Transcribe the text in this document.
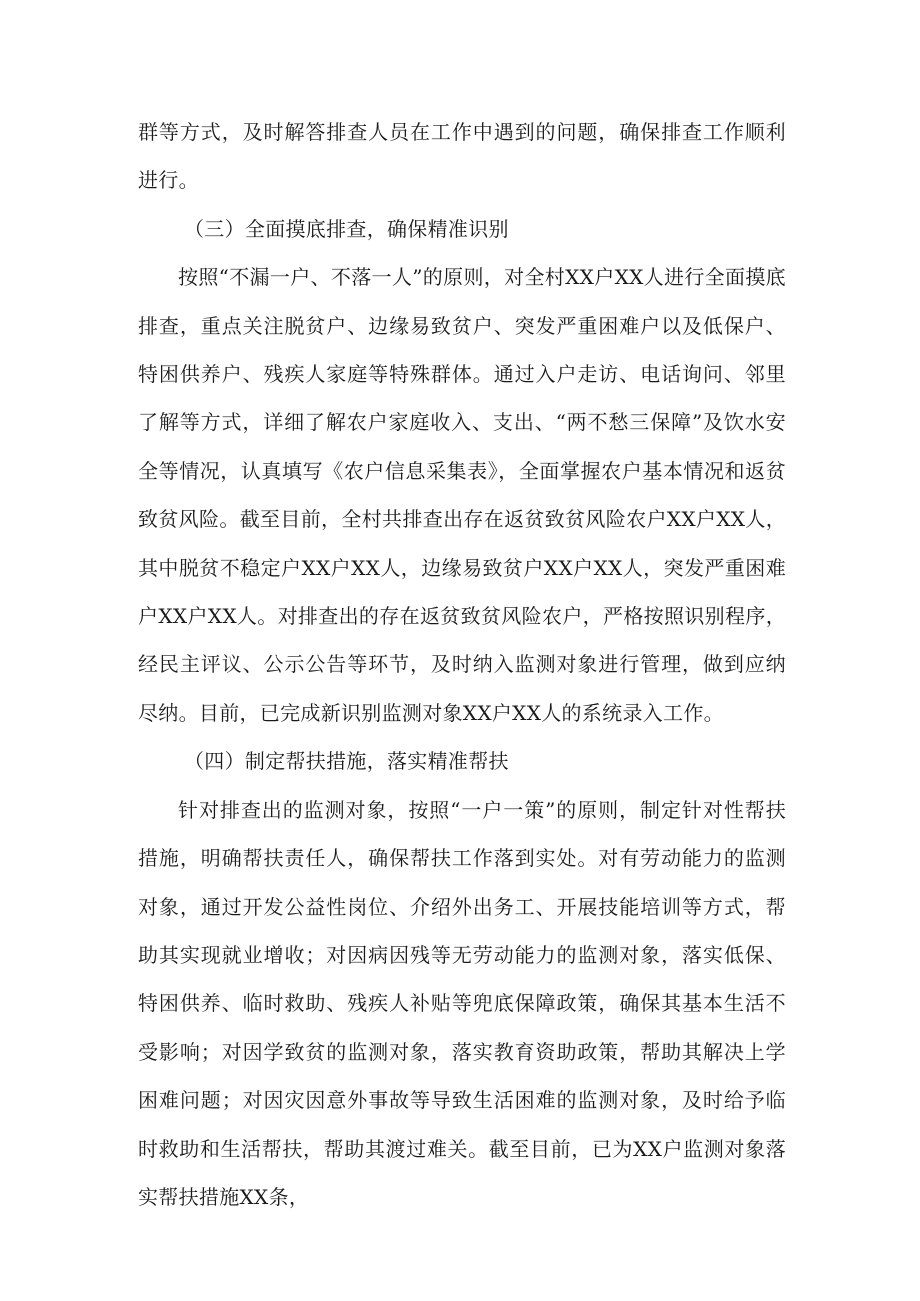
群等方式，及时解答排查人员在工作中遇到的问题，确保排查工作顺利进行。

（三）全面摸底排查，确保精准识别

按照“不漏一户、不落一人”的原则，对全村XX户XX人进行全面摸底排查，重点关注脱贫户、边缘易致贫户、突发严重困难户以及低保户、特困供养户、残疾人家庭等特殊群体。通过入户走访、电话询问、邻里了解等方式，详细了解农户家庭收入、支出、“两不愁三保障”及饮水安全等情况，认真填写《农户信息采集表》，全面掌握农户基本情况和返贫致贫风险。截至目前，全村共排查出存在返贫致贫风险农户XX户XX人，其中脱贫不稳定户XX户XX人，边缘易致贫户XX户XX人，突发严重困难户XX户XX人。对排查出的存在返贫致贫风险农户，严格按照识别程序，经民主评议、公示公告等环节，及时纳入监测对象进行管理，做到应纳尽纳。目前，已完成新识别监测对象XX户XX人的系统录入工作。

（四）制定帮扶措施，落实精准帮扶

针对排查出的监测对象，按照“一户一策”的原则，制定针对性帮扶措施，明确帮扶责任人，确保帮扶工作落到实处。对有劳动能力的监测对象，通过开发公益性岗位、介绍外出务工、开展技能培训等方式，帮助其实现就业增收；对因病因残等无劳动能力的监测对象，落实低保、特困供养、临时救助、残疾人补贴等兜底保障政策，确保其基本生活不受影响；对因学致贫的监测对象，落实教育资助政策，帮助其解决上学困难问题；对因灾因意外事故等导致生活困难的监测对象，及时给予临时救助和生活帮扶，帮助其渡过难关。截至目前，已为XX户监测对象落实帮扶措施XX条，
